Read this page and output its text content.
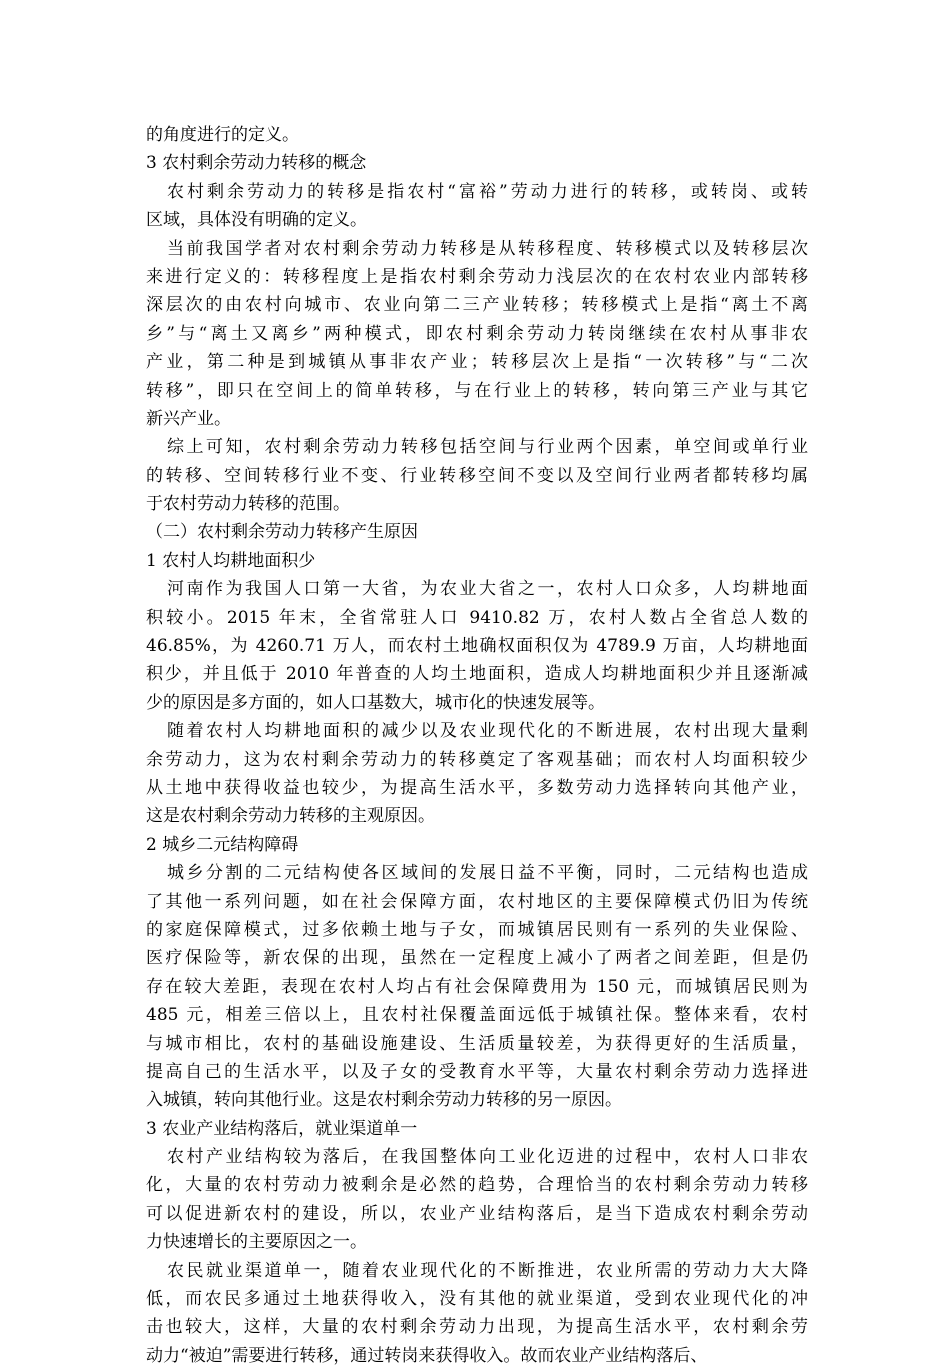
的角度进行的定义。
3 农村剩余劳动力转移的概念
农村剩余劳动力的转移是指农村“富裕”劳动力进行的转移，或转岗、或转
区域，具体没有明确的定义。
当前我国学者对农村剩余劳动力转移是从转移程度、转移模式以及转移层次
来进行定义的：转移程度上是指农村剩余劳动力浅层次的在农村农业内部转移
深层次的由农村向城市、农业向第二三产业转移；转移模式上是指“离土不离
乡”与“离土又离乡”两种模式，即农村剩余劳动力转岗继续在农村从事非农
产业，第二种是到城镇从事非农产业；转移层次上是指“一次转移”与“二次
转移”，即只在空间上的简单转移，与在行业上的转移，转向第三产业与其它
新兴产业。
综上可知，农村剩余劳动力转移包括空间与行业两个因素，单空间或单行业
的转移、空间转移行业不变、行业转移空间不变以及空间行业两者都转移均属
于农村劳动力转移的范围。
（二）农村剩余劳动力转移产生原因
1 农村人均耕地面积少
河南作为我国人口第一大省，为农业大省之一，农村人口众多，人均耕地面
积较小。2015 年末，全省常驻人口 9410.82 万，农村人数占全省总人数的
46.85%，为 4260.71 万人，而农村土地确权面积仅为 4789.9 万亩，人均耕地面
积少，并且低于 2010 年普查的人均土地面积，造成人均耕地面积少并且逐渐减
少的原因是多方面的，如人口基数大，城市化的快速发展等。
随着农村人均耕地面积的减少以及农业现代化的不断进展，农村出现大量剩
余劳动力，这为农村剩余劳动力的转移奠定了客观基础；而农村人均面积较少
从土地中获得收益也较少，为提高生活水平，多数劳动力选择转向其他产业，
这是农村剩余劳动力转移的主观原因。
2 城乡二元结构障碍
城乡分割的二元结构使各区域间的发展日益不平衡，同时，二元结构也造成
了其他一系列问题，如在社会保障方面，农村地区的主要保障模式仍旧为传统
的家庭保障模式，过多依赖土地与子女，而城镇居民则有一系列的失业保险、
医疗保险等，新农保的出现，虽然在一定程度上减小了两者之间差距，但是仍
存在较大差距，表现在农村人均占有社会保障费用为 150 元，而城镇居民则为
485 元，相差三倍以上，且农村社保覆盖面远低于城镇社保。整体来看，农村
与城市相比，农村的基础设施建设、生活质量较差，为获得更好的生活质量，
提高自己的生活水平，以及子女的受教育水平等，大量农村剩余劳动力选择进
入城镇，转向其他行业。这是农村剩余劳动力转移的另一原因。
3 农业产业结构落后，就业渠道单一
农村产业结构较为落后，在我国整体向工业化迈进的过程中，农村人口非农
化，大量的农村劳动力被剩余是必然的趋势，合理恰当的农村剩余劳动力转移
可以促进新农村的建设，所以，农业产业结构落后，是当下造成农村剩余劳动
力快速增长的主要原因之一。
农民就业渠道单一，随着农业现代化的不断推进，农业所需的劳动力大大降
低，而农民多通过土地获得收入，没有其他的就业渠道，受到农业现代化的冲
击也较大，这样，大量的农村剩余劳动力出现，为提高生活水平，农村剩余劳
动力“被迫”需要进行转移，通过转岗来获得收入。故而农业产业结构落后、
